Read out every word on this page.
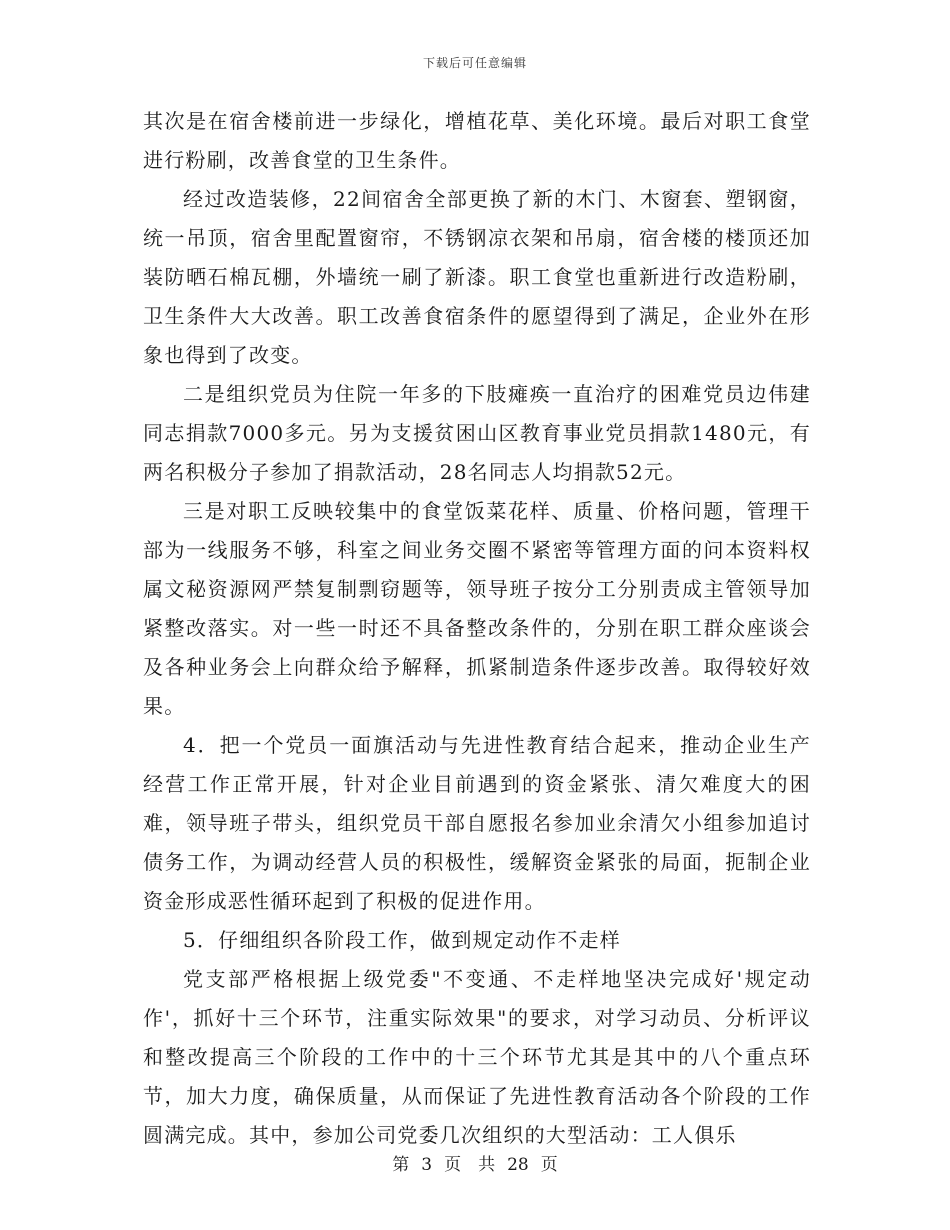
下载后可任意编辑

其次是在宿舍楼前进一步绿化，增植花草、美化环境。最后对职工食堂进行粉刷，改善食堂的卫生条件。

经过改造装修，22间宿舍全部更换了新的木门、木窗套、塑钢窗，统一吊顶，宿舍里配置窗帘，不锈钢凉衣架和吊扇，宿舍楼的楼顶还加装防晒石棉瓦棚，外墙统一刷了新漆。职工食堂也重新进行改造粉刷，卫生条件大大改善。职工改善食宿条件的愿望得到了满足，企业外在形象也得到了改变。

二是组织党员为住院一年多的下肢瘫痪一直治疗的困难党员边伟建同志捐款7000多元。另为支援贫困山区教育事业党员捐款1480元，有两名积极分子参加了捐款活动，28名同志人均捐款52元。

三是对职工反映较集中的食堂饭菜花样、质量、价格问题，管理干部为一线服务不够，科室之间业务交圈不紧密等管理方面的问本资料权属文秘资源网严禁复制剽窃题等，领导班子按分工分别责成主管领导加紧整改落实。对一些一时还不具备整改条件的，分别在职工群众座谈会及各种业务会上向群众给予解释，抓紧制造条件逐步改善。取得较好效果。

4．把一个党员一面旗活动与先进性教育结合起来，推动企业生产经营工作正常开展，针对企业目前遇到的资金紧张、清欠难度大的困难，领导班子带头，组织党员干部自愿报名参加业余清欠小组参加追讨债务工作，为调动经营人员的积极性，缓解资金紧张的局面，扼制企业资金形成恶性循环起到了积极的促进作用。

5．仔细组织各阶段工作，做到规定动作不走样

党支部严格根据上级党委"不变通、不走样地坚决完成好'规定动作'，抓好十三个环节，注重实际效果"的要求，对学习动员、分析评议和整改提高三个阶段的工作中的十三个环节尤其是其中的八个重点环节，加大力度，确保质量，从而保证了先进性教育活动各个阶段的工作圆满完成。其中，参加公司党委几次组织的大型活动：工人俱乐

第 3 页　共 28 页
